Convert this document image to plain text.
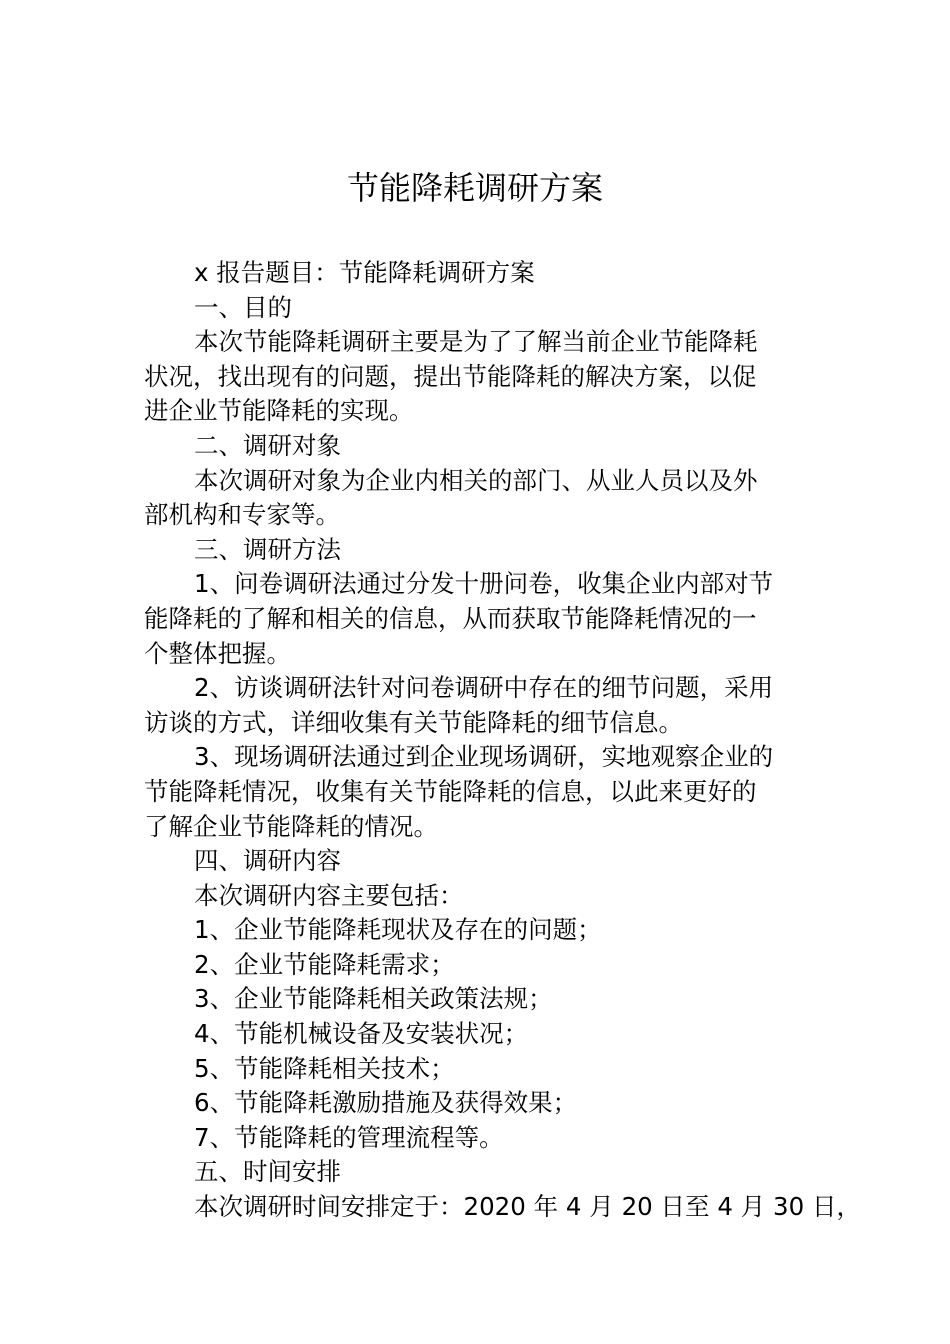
节能降耗调研方案
x 报告题目：节能降耗调研方案
一、目的
本次节能降耗调研主要是为了了解当前企业节能降耗
状况，找出现有的问题，提出节能降耗的解决方案，以促
进企业节能降耗的实现。
二、调研对象
本次调研对象为企业内相关的部门、从业人员以及外
部机构和专家等。
三、调研方法
1、问卷调研法通过分发十册问卷，收集企业内部对节
能降耗的了解和相关的信息，从而获取节能降耗情况的一
个整体把握。
2、访谈调研法针对问卷调研中存在的细节问题，采用
访谈的方式，详细收集有关节能降耗的细节信息。
3、现场调研法通过到企业现场调研，实地观察企业的
节能降耗情况，收集有关节能降耗的信息，以此来更好的
了解企业节能降耗的情况。
四、调研内容
本次调研内容主要包括：
1、企业节能降耗现状及存在的问题；
2、企业节能降耗需求；
3、企业节能降耗相关政策法规；
4、节能机械设备及安装状况；
5、节能降耗相关技术；
6、节能降耗激励措施及获得效果；
7、节能降耗的管理流程等。
五、时间安排
本次调研时间安排定于：2020 年 4 月 20 日至 4 月 30 日，
